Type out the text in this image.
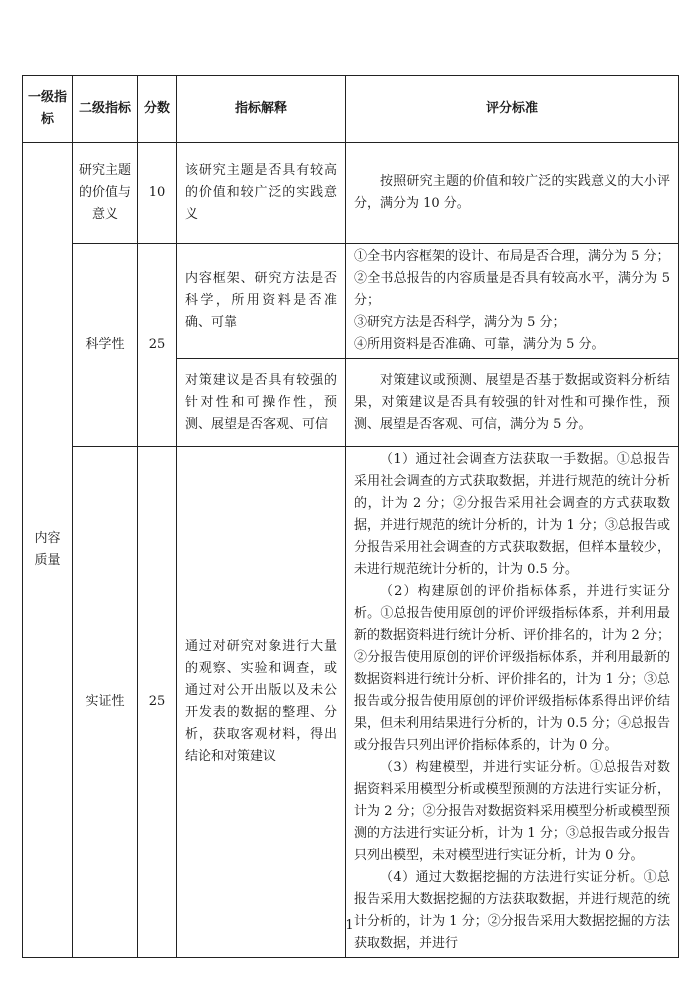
一级指标	二级指标	分数	指标解释	评分标准
内容质量	研究主题的价值与意义	10	该研究主题是否具有较高的价值和较广泛的实践意义	按照研究主题的价值和较广泛的实践意义的大小评分，满分为 10 分。

	科学性	25	内容框架、研究方法是否科学，所用资料是否准确、可靠	①全书内容框架的设计、布局是否合理，满分为 5 分；

②全书总报告的内容质量是否具有较高水平，满分为 5 分；

③研究方法是否科学，满分为 5 分；

④所用资料是否准确、可靠，满分为 5 分。

			对策建议是否具有较强的针对性和可操作性，预测、展望是否客观、可信	对策建议或预测、展望是否基于数据或资料分析结果，对策建议是否具有较强的针对性和可操作性，预测、展望是否客观、可信，满分为 5 分。

	实证性	25	通过对研究对象进行大量的观察、实验和调查，或通过对公开出版以及未公开发表的数据的整理、分析，获取客观材料，得出结论和对策建议	（1）通过社会调查方法获取一手数据。①总报告采用社会调查的方式获取数据，并进行规范的统计分析的，计为 2 分；②分报告采用社会调查的方式获取数据，并进行规范的统计分析的，计为 1 分；③总报告或分报告采用社会调查的方式获取数据，但样本量较少，未进行规范统计分析的，计为 0.5 分。

（2）构建原创的评价指标体系，并进行实证分析。①总报告使用原创的评价评级指标体系，并利用最新的数据资料进行统计分析、评价排名的，计为 2 分；②分报告使用原创的评价评级指标体系，并利用最新的数据资料进行统计分析、评价排名的，计为 1 分；③总报告或分报告使用原创的评价评级指标体系得出评价结果，但未利用结果进行分析的，计为 0.5 分；④总报告或分报告只列出评价指标体系的，计为 0 分。

（3）构建模型，并进行实证分析。①总报告对数据资料采用模型分析或模型预测的方法进行实证分析，计为 2 分；②分报告对数据资料采用模型分析或模型预测的方法进行实证分析，计为 1 分；③总报告或分报告只列出模型，未对模型进行实证分析，计为 0 分。

（4）通过大数据挖掘的方法进行实证分析。①总报告采用大数据挖掘的方法获取数据，并进行规范的统计分析的，计为 1 分；②分报告采用大数据挖掘的方法获取数据，并进行

1
